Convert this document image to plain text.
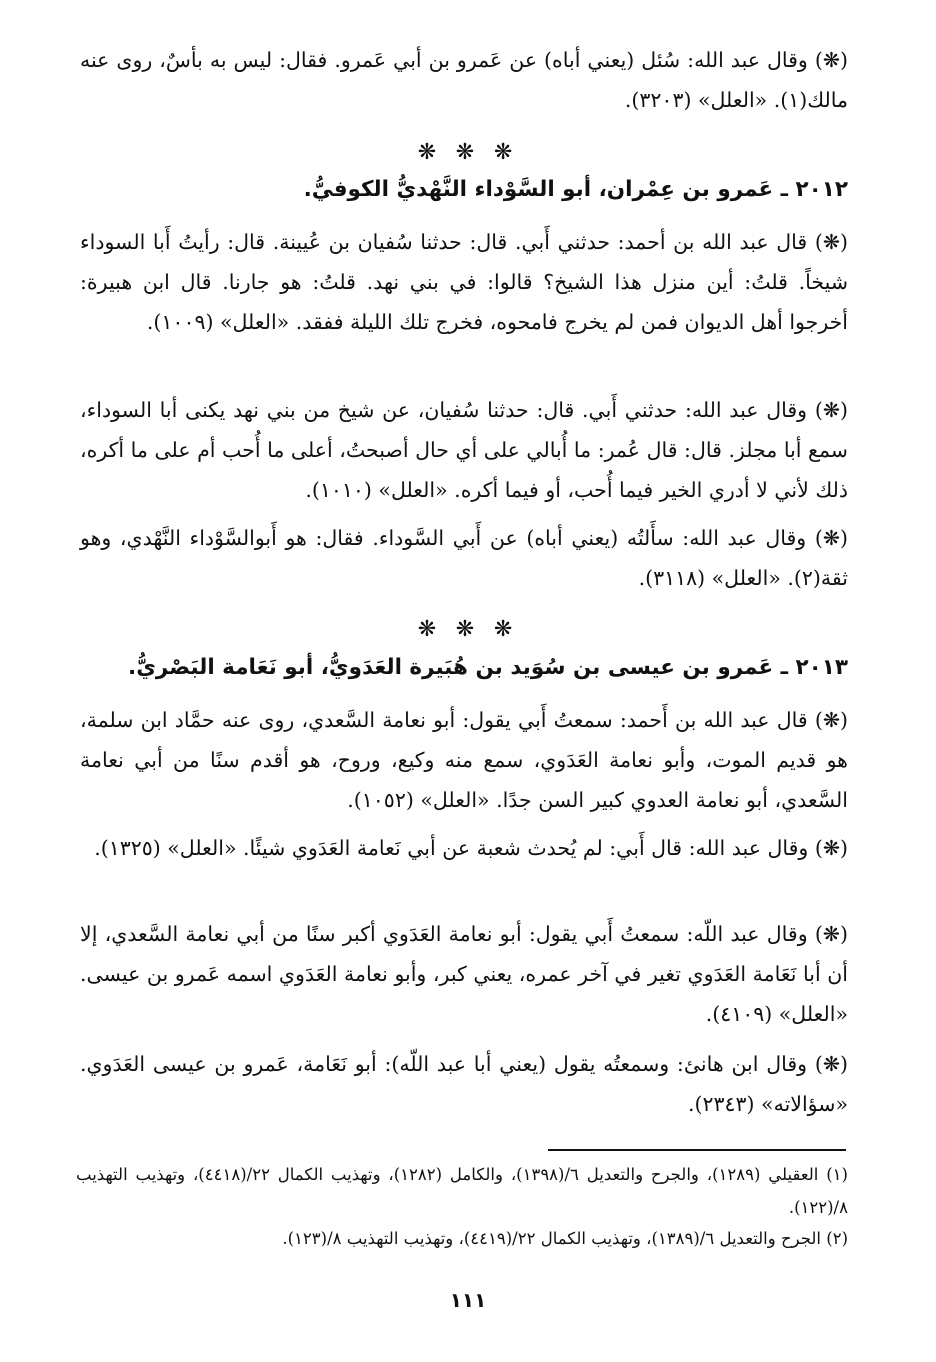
(❋) وقال عبد الله: سُئل (يعني أباه) عن عَمرو بن أبي عَمرو. فقال: ليس به بأسٌ، روى عنه مالك(١). «العلل» (٣٢٠٣).

❋ ❋ ❋
٢٠١٢ ـ عَمرو بن عِمْران، أبو السَّوْداء النَّهْديُّ الكوفيُّ.

(❋) قال عبد الله بن أحمد: حدثني أَبي. قال: حدثنا سُفيان بن عُيينة. قال: رأيتُ أَبا السوداء شيخاً. قلتُ: أين منزل هذا الشيخ؟ قالوا: في بني نهد. قلتُ: هو جارنا. قال ابن هبيرة: أخرجوا أهل الديوان فمن لم يخرج فامحوه، فخرج تلك الليلة ففقد. «العلل» (١٠٠٩).

(❋) وقال عبد الله: حدثني أَبي. قال: حدثنا سُفيان، عن شيخ من بني نهد يكنى أبا السوداء، سمع أبا مجلز. قال: قال عُمر: ما أُبالي على أي حال أصبحتُ، أعلى ما أُحب أم على ما أكره، ذلك لأني لا أدري الخير فيما أُحب، أو فيما أكره. «العلل» (١٠١٠).

(❋) وقال عبد الله: سأَلتُه (يعني أباه) عن أَبي السَّوداء. فقال: هو أَبوالسَّوْداء النَّهْدي، وهو ثقة(٢). «العلل» (٣١١٨).

❋ ❋ ❋
٢٠١٣ ـ عَمرو بن عيسى بن سُوَيد بن هُبَيرة العَدَويُّ، أبو نَعَامة البَصْريُّ.

(❋) قال عبد الله بن أَحمد: سمعتُ أَبي يقول: أبو نعامة السَّعدي، روى عنه حمَّاد ابن سلمة، هو قديم الموت، وأبو نعامة العَدَوي، سمع منه وكيع، وروح، هو أقدم سنًا من أبي نعامة السَّعدي، أبو نعامة العدوي كبير السن جدًا. «العلل» (١٠٥٢).

(❋) وقال عبد الله: قال أَبي: لم يُحدث شعبة عن أبي نَعامة العَدَوي شيئًا. «العلل» (١٣٢٥).

(❋) وقال عبد اللّه: سمعتُ أَبي يقول: أبو نعامة العَدَوي أكبر سنًا من أبي نعامة السَّعدي، إلا أن أبا نَعَامة العَدَوي تغير في آخر عمره، يعني كبر، وأبو نعامة العَدَوي اسمه عَمرو بن عيسى. «العلل» (٤١٠٩).

(❋) وقال ابن هانئ: وسمعتُه يقول (يعني أبا عبد اللّه): أبو نَعَامة، عَمرو بن عيسى العَدَوي. «سؤالاته» (٢٣٤٣).

(١) العقيلي (١٢٨٩)، والجرح والتعديل ٦/(١٣٩٨)، والكامل (١٢٨٢)، وتهذيب الكمال ٢٢/(٤٤١٨)، وتهذيب التهذيب ٨/(١٢٢).

(٢) الجرح والتعديل ٦/(١٣٨٩)، وتهذيب الكمال ٢٢/(٤٤١٩)، وتهذيب التهذيب ٨/(١٢٣).

١١١
